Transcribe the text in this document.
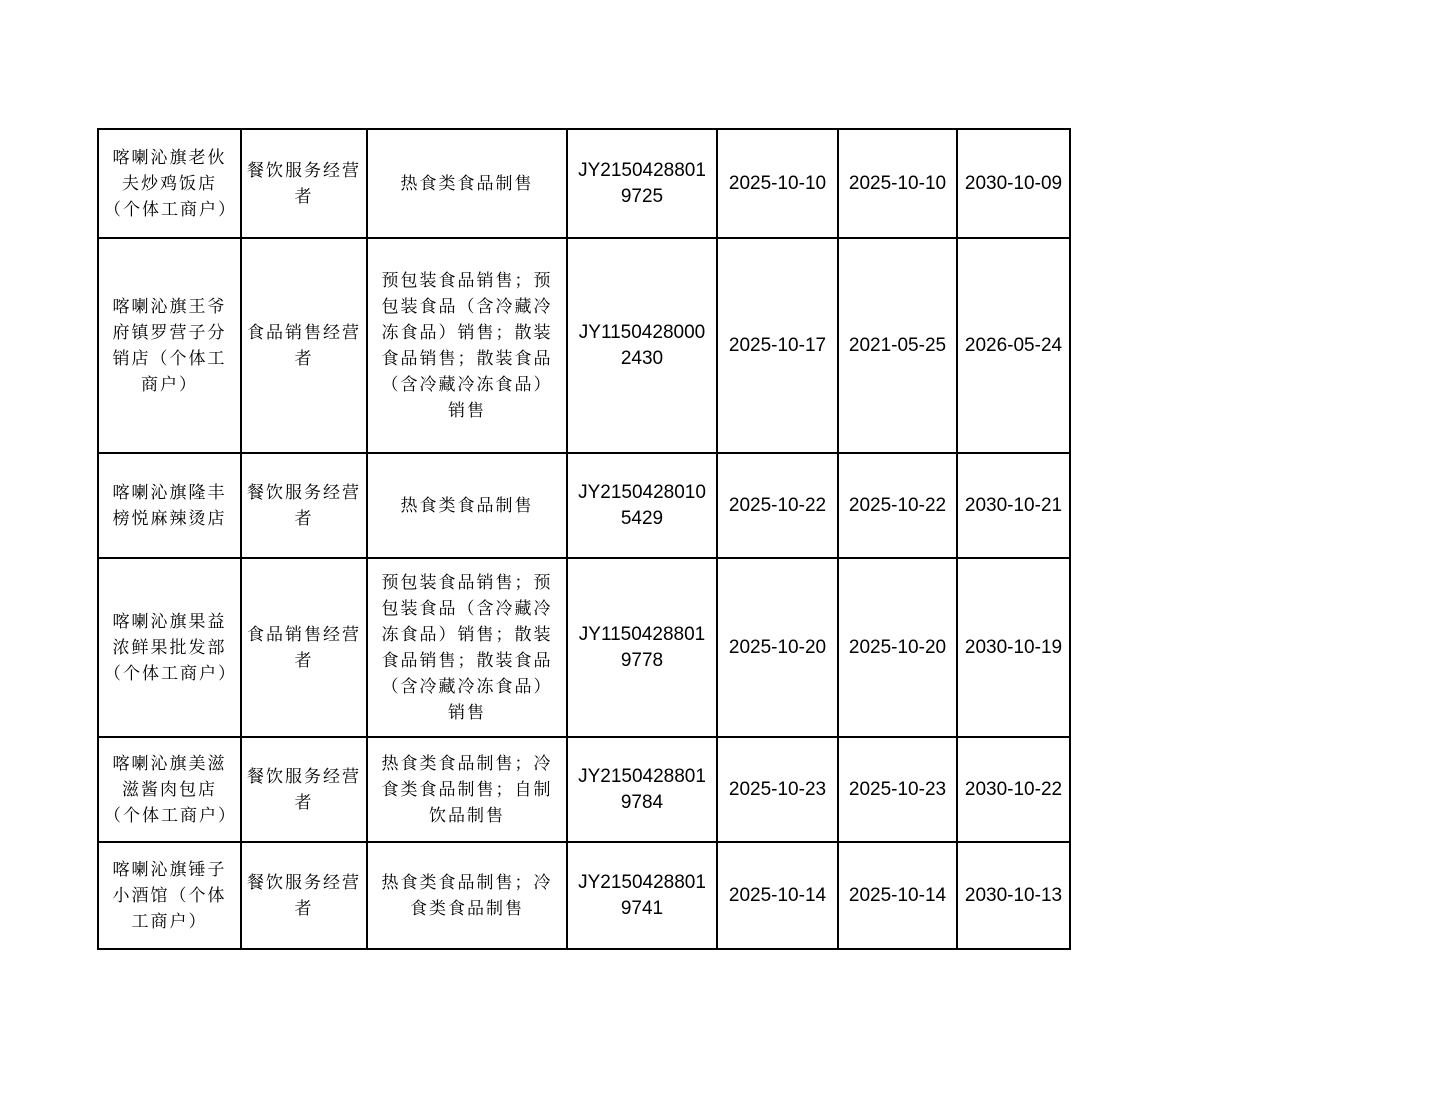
喀喇沁旗老伙夫炒鸡饭店（个体工商户）	餐饮服务经营者	热食类食品制售	JY21504288019725	2025-10-10	2025-10-10	2030-10-09
喀喇沁旗王爷府镇罗营子分销店（个体工商户）	食品销售经营者	预包装食品销售；预包装食品（含冷藏冷冻食品）销售；散装食品销售；散装食品（含冷藏冷冻食品）销售	JY11504280002430	2025-10-17	2021-05-25	2026-05-24
喀喇沁旗隆丰榜悦麻辣烫店	餐饮服务经营者	热食类食品制售	JY21504280105429	2025-10-22	2025-10-22	2030-10-21
喀喇沁旗果益浓鲜果批发部（个体工商户）	食品销售经营者	预包装食品销售；预包装食品（含冷藏冷冻食品）销售；散装食品销售；散装食品（含冷藏冷冻食品）销售	JY11504288019778	2025-10-20	2025-10-20	2030-10-19
喀喇沁旗美滋滋酱肉包店（个体工商户）	餐饮服务经营者	热食类食品制售；冷食类食品制售；自制饮品制售	JY21504288019784	2025-10-23	2025-10-23	2030-10-22
喀喇沁旗锤子小酒馆（个体工商户）	餐饮服务经营者	热食类食品制售；冷食类食品制售	JY21504288019741	2025-10-14	2025-10-14	2030-10-13
